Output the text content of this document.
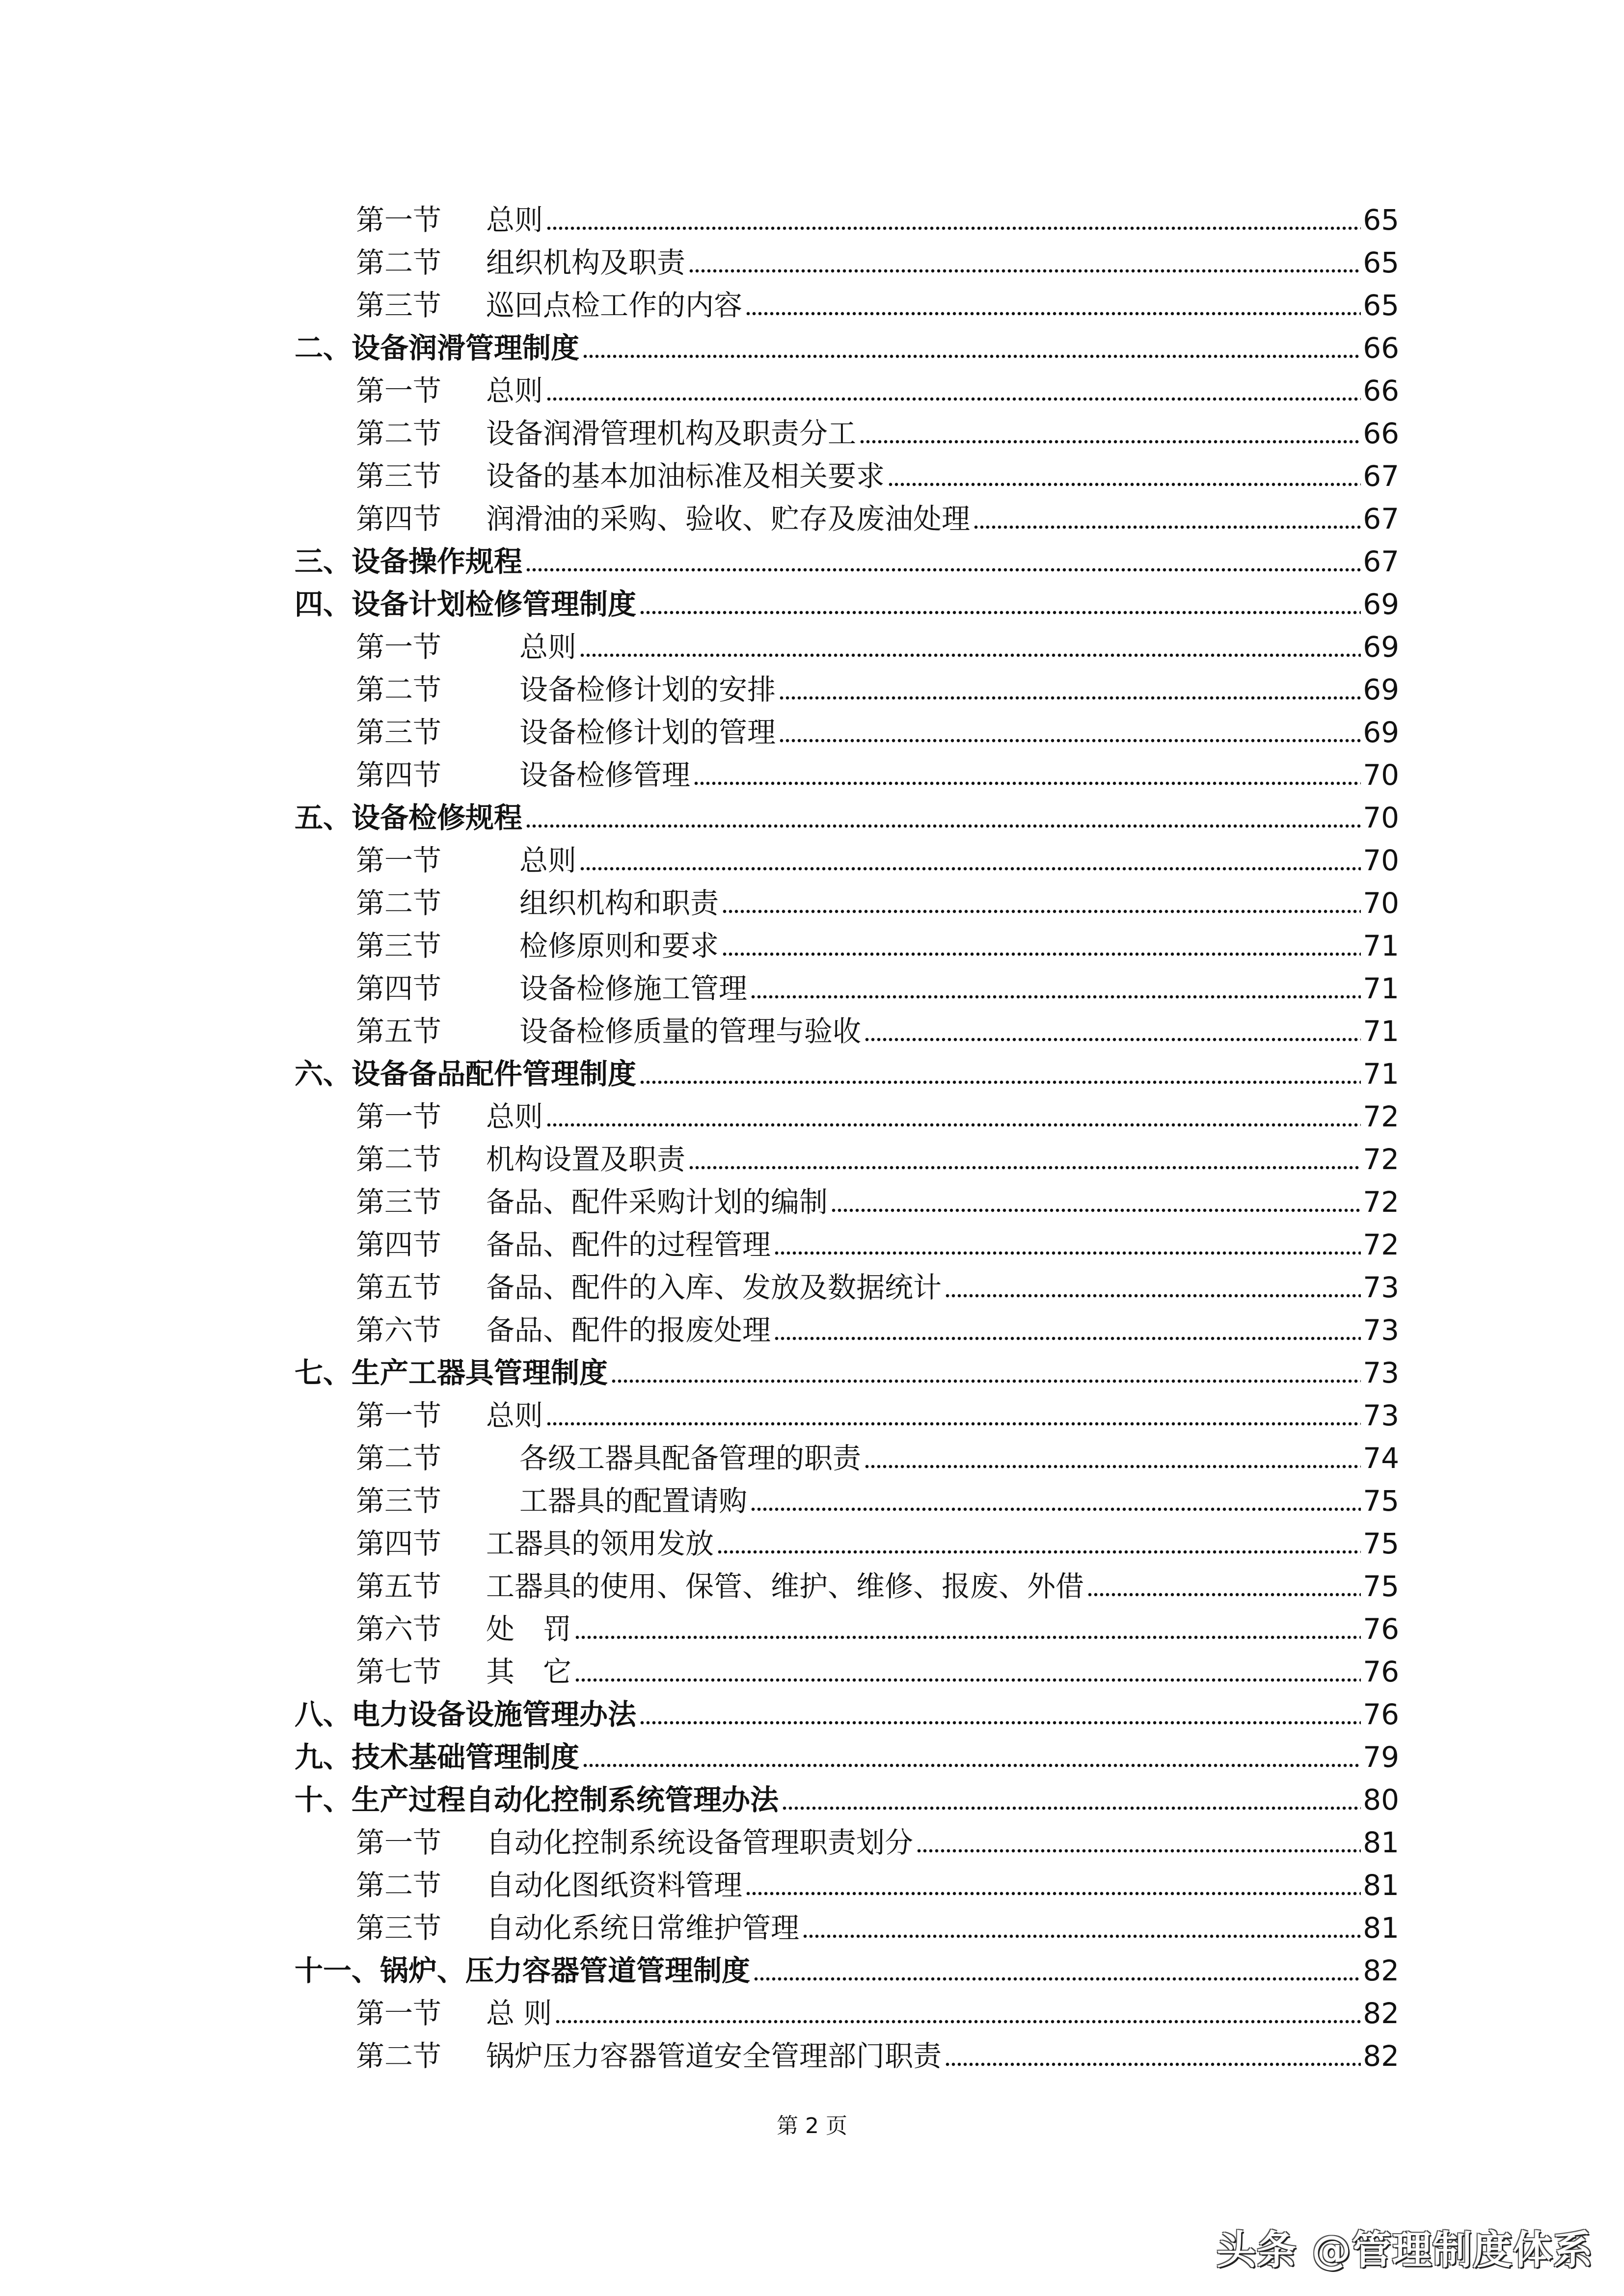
第一节	总则	65
第二节	组织机构及职责	65
第三节	巡回点检工作的内容	65
二、设备润滑管理制度	66
第一节	总则	66
第二节	设备润滑管理机构及职责分工	66
第三节	设备的基本加油标准及相关要求	67
第四节	润滑油的采购、验收、贮存及废油处理	67
三、设备操作规程	67
四、设备计划检修管理制度	69
第一节	总则	69
第二节	设备检修计划的安排	69
第三节	设备检修计划的管理	69
第四节	设备检修管理	70
五、设备检修规程	70
第一节	总则	70
第二节	组织机构和职责	70
第三节	检修原则和要求	71
第四节	设备检修施工管理	71
第五节	设备检修质量的管理与验收	71
六、设备备品配件管理制度	71
第一节	总则	72
第二节	机构设置及职责	72
第三节	备品、配件采购计划的编制	72
第四节	备品、配件的过程管理	72
第五节	备品、配件的入库、发放及数据统计	73
第六节	备品、配件的报废处理	73
七、生产工器具管理制度	73
第一节	总则	73
第二节	各级工器具配备管理的职责	74
第三节	工器具的配置请购	75
第四节	工器具的领用发放	75
第五节	工器具的使用、保管、维护、维修、报废、外借	75
第六节	处　罚	76
第七节	其　它	76
八、电力设备设施管理办法	76
九、技术基础管理制度	79
十、生产过程自动化控制系统管理办法	80
第一节	自动化控制系统设备管理职责划分	81
第二节	自动化图纸资料管理	81
第三节	自动化系统日常维护管理	81
十一、锅炉、压力容器管道管理制度	82
第一节	总 则	82
第二节	锅炉压力容器管道安全管理部门职责	82
第 2 页
头条 @管理制度体系
